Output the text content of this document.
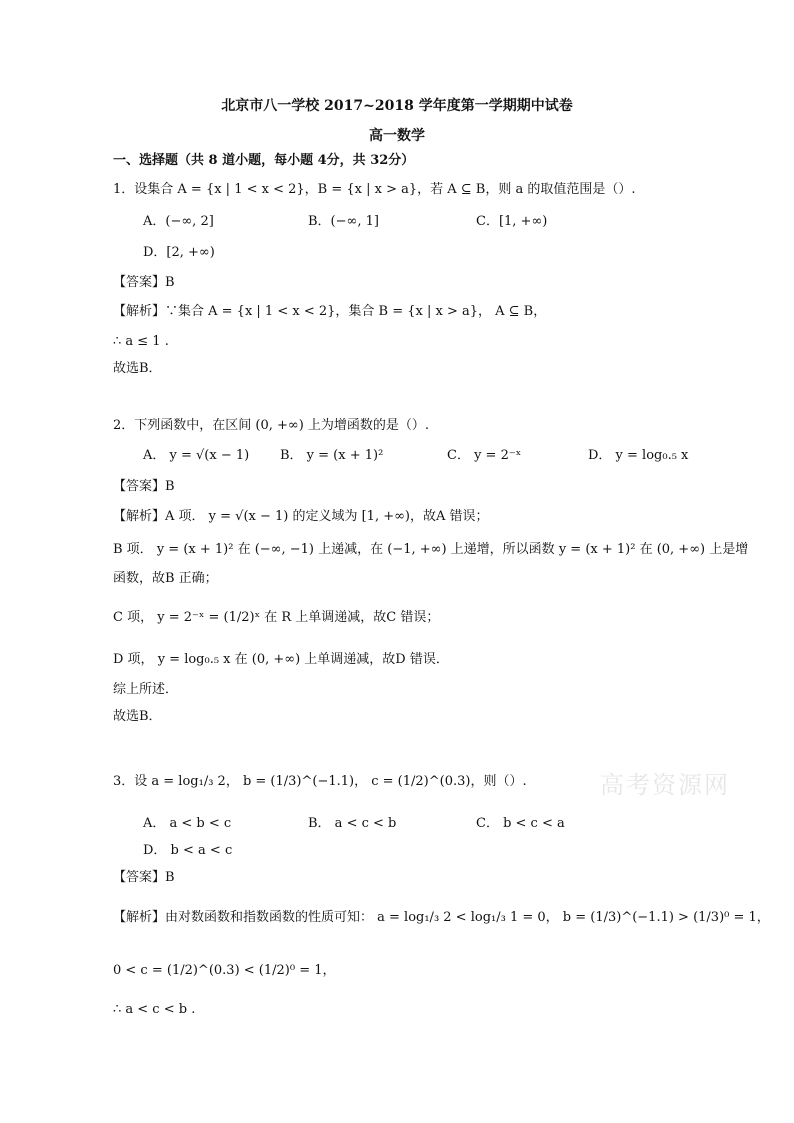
高考资源网
北京市八一学校 2017~2018 学年度第一学期期中试卷
高一数学
一、选择题（共 8 道小题，每小题 4分，共 32分）
1．设集合 A = {x | 1 < x < 2}，B = {x | x > a}，若 A ⊆ B，则 a 的取值范围是（）.
A．(−∞, 2]	B．(−∞, 1]	C．[1, +∞)
D．[2, +∞)
【答案】B
【解析】∵集合 A = {x | 1 < x < 2}，集合 B = {x | x > a}， A ⊆ B，
∴ a ≤ 1 .
故选B．
2．下列函数中，在区间 (0, +∞) 上为增函数的是（）.
A． y = √(x − 1) B． y = (x + 1)²	C． y = 2⁻ˣ	D． y = log₀.₅ x
【答案】B
【解析】A 项． y = √(x − 1) 的定义域为 [1, +∞)，故A 错误；
B 项． y = (x + 1)² 在 (−∞, −1) 上递减，在 (−1, +∞) 上递增，所以函数 y = (x + 1)² 在 (0, +∞) 上是增
函数，故B 正确；
C 项， y = 2⁻ˣ = (1/2)ˣ 在 R 上单调递减，故C 错误；
D 项， y = log₀.₅ x 在 (0, +∞) 上单调递减，故D 错误．
综上所述．
故选B．
3．设 a = log₁/₃ 2， b = (1/3)^(−1.1)， c = (1/2)^(0.3)，则（）.
A． a < b < c	B． a < c < b	C． b < c < a
D． b < a < c
【答案】B
【解析】由对数函数和指数函数的性质可知： a = log₁/₃ 2 < log₁/₃ 1 = 0， b = (1/3)^(−1.1) > (1/3)⁰ = 1，
0 < c = (1/2)^(0.3) < (1/2)⁰ = 1，
∴ a < c < b .
